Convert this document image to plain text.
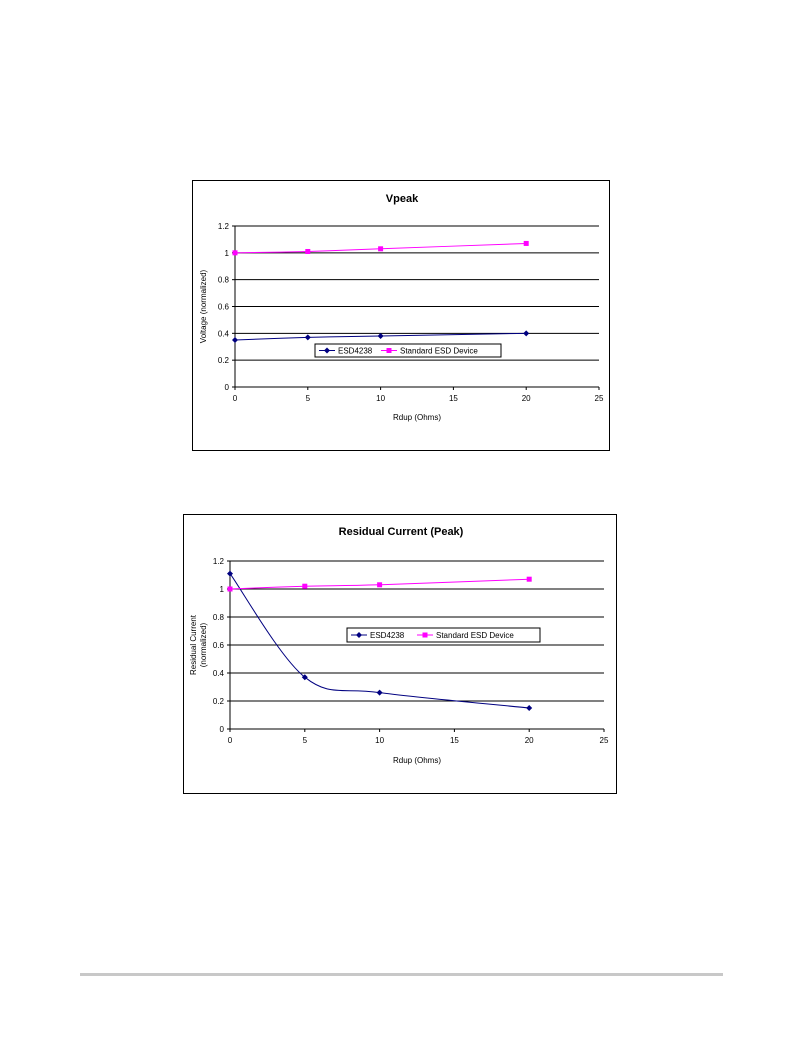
Vpeak
0
0.2
0.4
0.6
0.8
1
1.2
0	5	10	15	20	25
Rdup (Ohms)
Voltage (normalized)
ESD4238	Standard ESD Device
Residual Current (Peak)
0
0.2
0.4
0.6
0.8
1
1.2
0	5	10	15	20	25
Rdup (Ohms)
Residual Current (normalized)	ESD4238	Standard ESD Device
